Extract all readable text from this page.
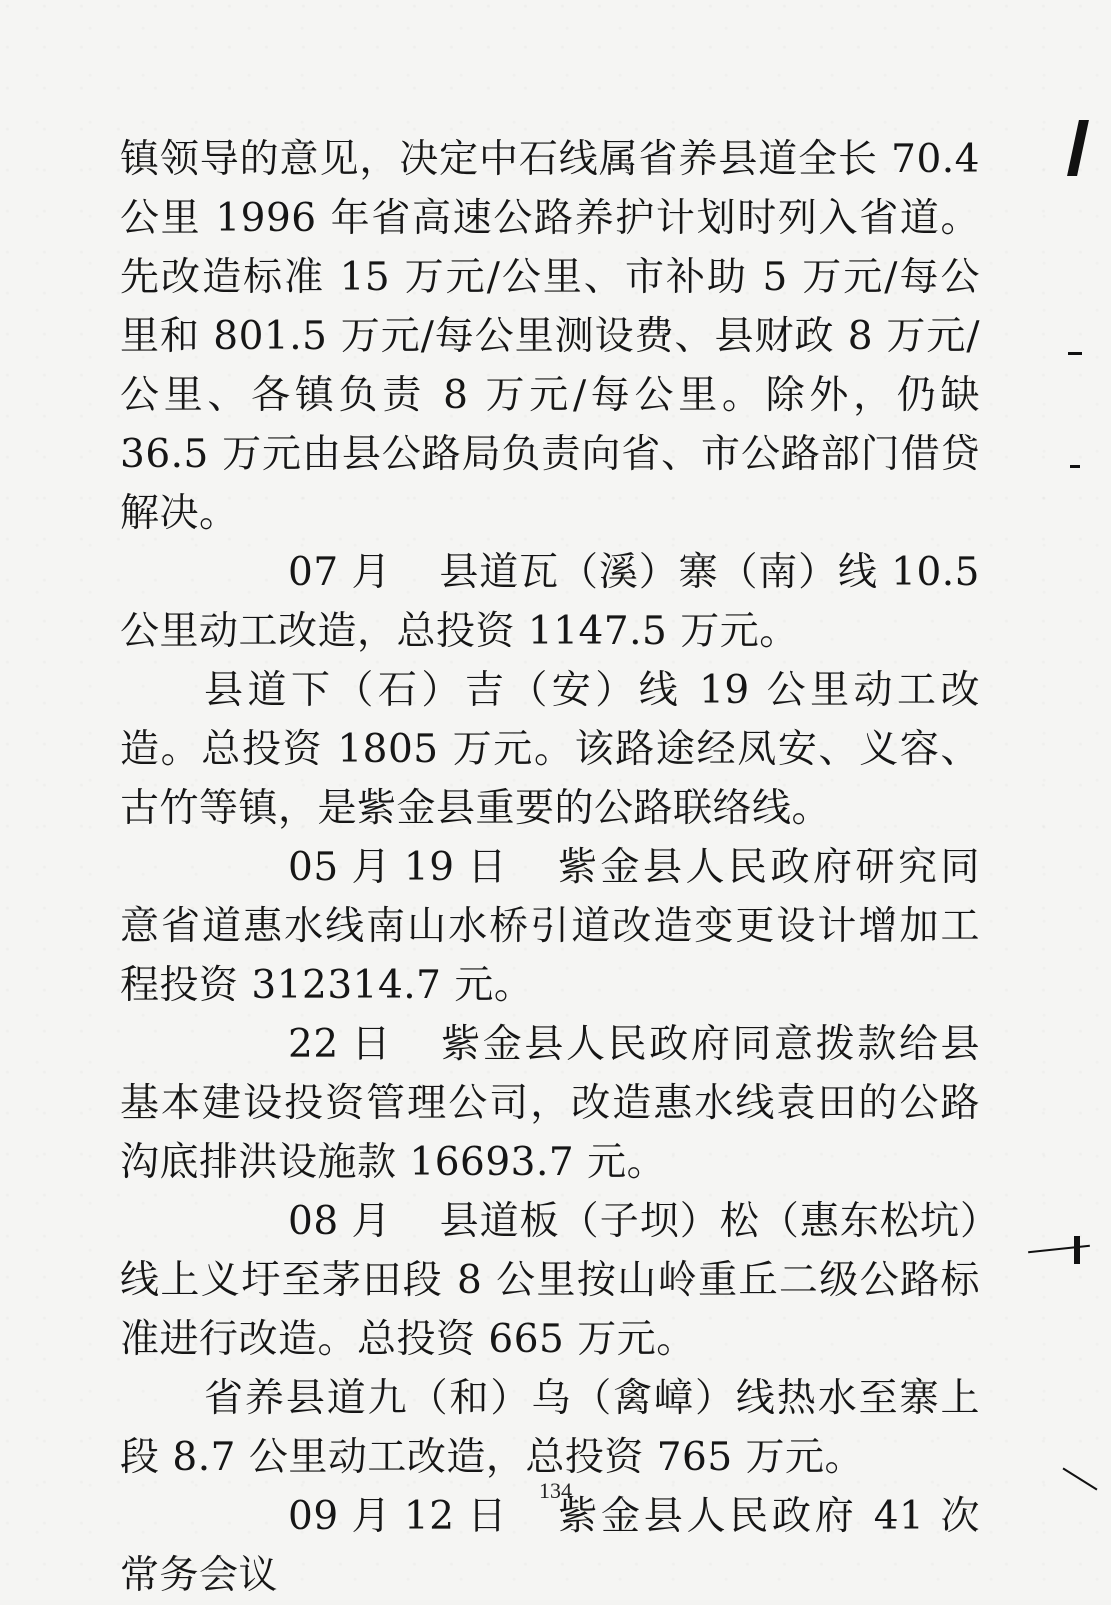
镇领导的意见，决定中石线属省养县道全长 70.4 公里 1996 年省高速公路养护计划时列入省道。先改造标准 15 万元/公里、市补助 5 万元/每公里和 801.5 万元/每公里测设费、县财政 8 万元/公里、各镇负责 8 万元/每公里。除外，仍缺 36.5 万元由县公路局负责向省、市公路部门借贷解决。

07 月 县道瓦（溪）寨（南）线 10.5 公里动工改造，总投资 1147.5 万元。

县道下（石）吉（安）线 19 公里动工改造。总投资 1805 万元。该路途经凤安、义容、古竹等镇，是紫金县重要的公路联络线。

05 月 19 日 紫金县人民政府研究同意省道惠水线南山水桥引道改造变更设计增加工程投资 312314.7 元。

22 日 紫金县人民政府同意拨款给县基本建设投资管理公司，改造惠水线袁田的公路沟底排洪设施款 16693.7 元。

08 月 县道板（子坝）松（惠东松坑）线上义圩至茅田段 8 公里按山岭重丘二级公路标准进行改造。总投资 665 万元。

省养县道九（和）乌（禽嶂）线热水至寨上段 8.7 公里动工改造，总投资 765 万元。

09 月 12 日 紫金县人民政府 41 次常务会议

134
